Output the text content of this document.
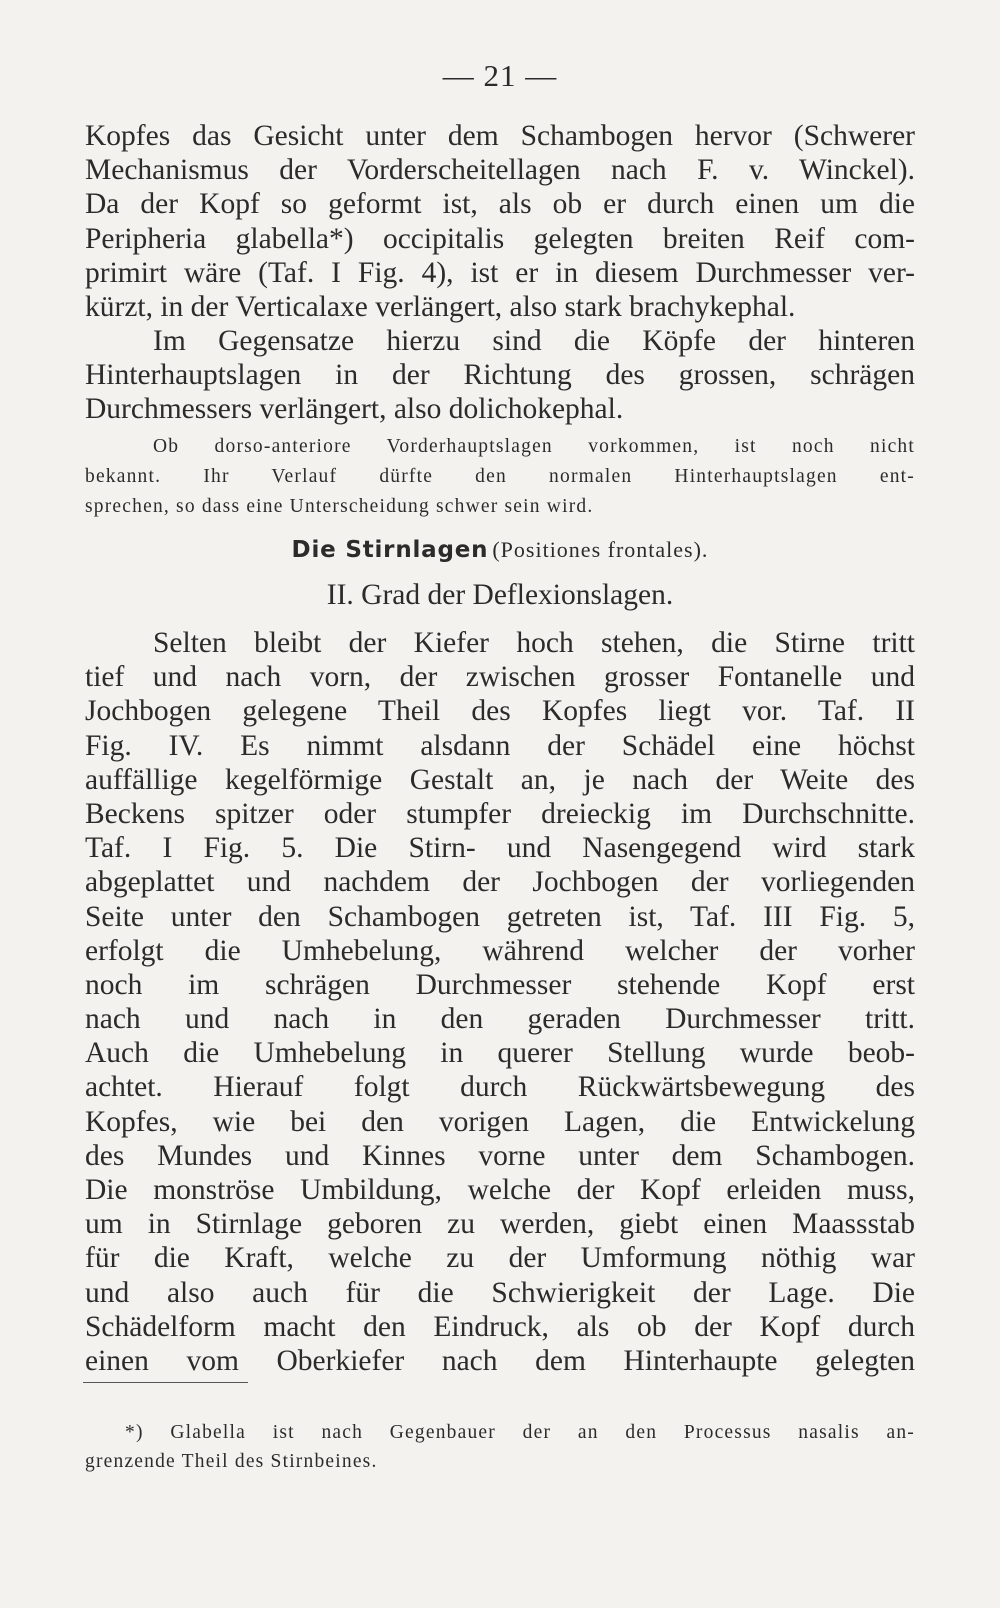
— 21 —
Kopfes das Gesicht unter dem Schambogen hervor (Schwerer
Mechanismus der Vorderscheitellagen nach F. v. Winckel).
Da der Kopf so geformt ist, als ob er durch einen um die
Peripheria glabella*) occipitalis gelegten breiten Reif com-
primirt wäre (Taf. I Fig. 4), ist er in diesem Durchmesser ver-
kürzt, in der Verticalaxe verlängert, also stark brachykephal.
Im Gegensatze hierzu sind die Köpfe der hinteren
Hinterhauptslagen in der Richtung des grossen, schrägen
Durchmessers verlängert, also dolichokephal.
Ob dorso-anteriore Vorderhauptslagen vorkommen, ist noch nicht
bekannt. Ihr Verlauf dürfte den normalen Hinterhauptslagen ent-
sprechen, so dass eine Unterscheidung schwer sein wird.
Die Stirnlagen (Positiones frontales).
II. Grad der Deflexionslagen.
Selten bleibt der Kiefer hoch stehen, die Stirne tritt
tief und nach vorn, der zwischen grosser Fontanelle und
Jochbogen gelegene Theil des Kopfes liegt vor. Taf. II
Fig. IV. Es nimmt alsdann der Schädel eine höchst
auffällige kegelförmige Gestalt an, je nach der Weite des
Beckens spitzer oder stumpfer dreieckig im Durchschnitte.
Taf. I Fig. 5. Die Stirn- und Nasengegend wird stark
abgeplattet und nachdem der Jochbogen der vorliegenden
Seite unter den Schambogen getreten ist, Taf. III Fig. 5,
erfolgt die Umhebelung, während welcher der vorher
noch im schrägen Durchmesser stehende Kopf erst
nach und nach in den geraden Durchmesser tritt.
Auch die Umhebelung in querer Stellung wurde beob-
achtet. Hierauf folgt durch Rückwärtsbewegung des
Kopfes, wie bei den vorigen Lagen, die Entwickelung
des Mundes und Kinnes vorne unter dem Schambogen.
Die monströse Umbildung, welche der Kopf erleiden muss,
um in Stirnlage geboren zu werden, giebt einen Maassstab
für die Kraft, welche zu der Umformung nöthig war
und also auch für die Schwierigkeit der Lage. Die
Schädelform macht den Eindruck, als ob der Kopf durch
einen vom Oberkiefer nach dem Hinterhaupte gelegten
*) Glabella ist nach Gegenbauer der an den Processus nasalis an-
grenzende Theil des Stirnbeines.
